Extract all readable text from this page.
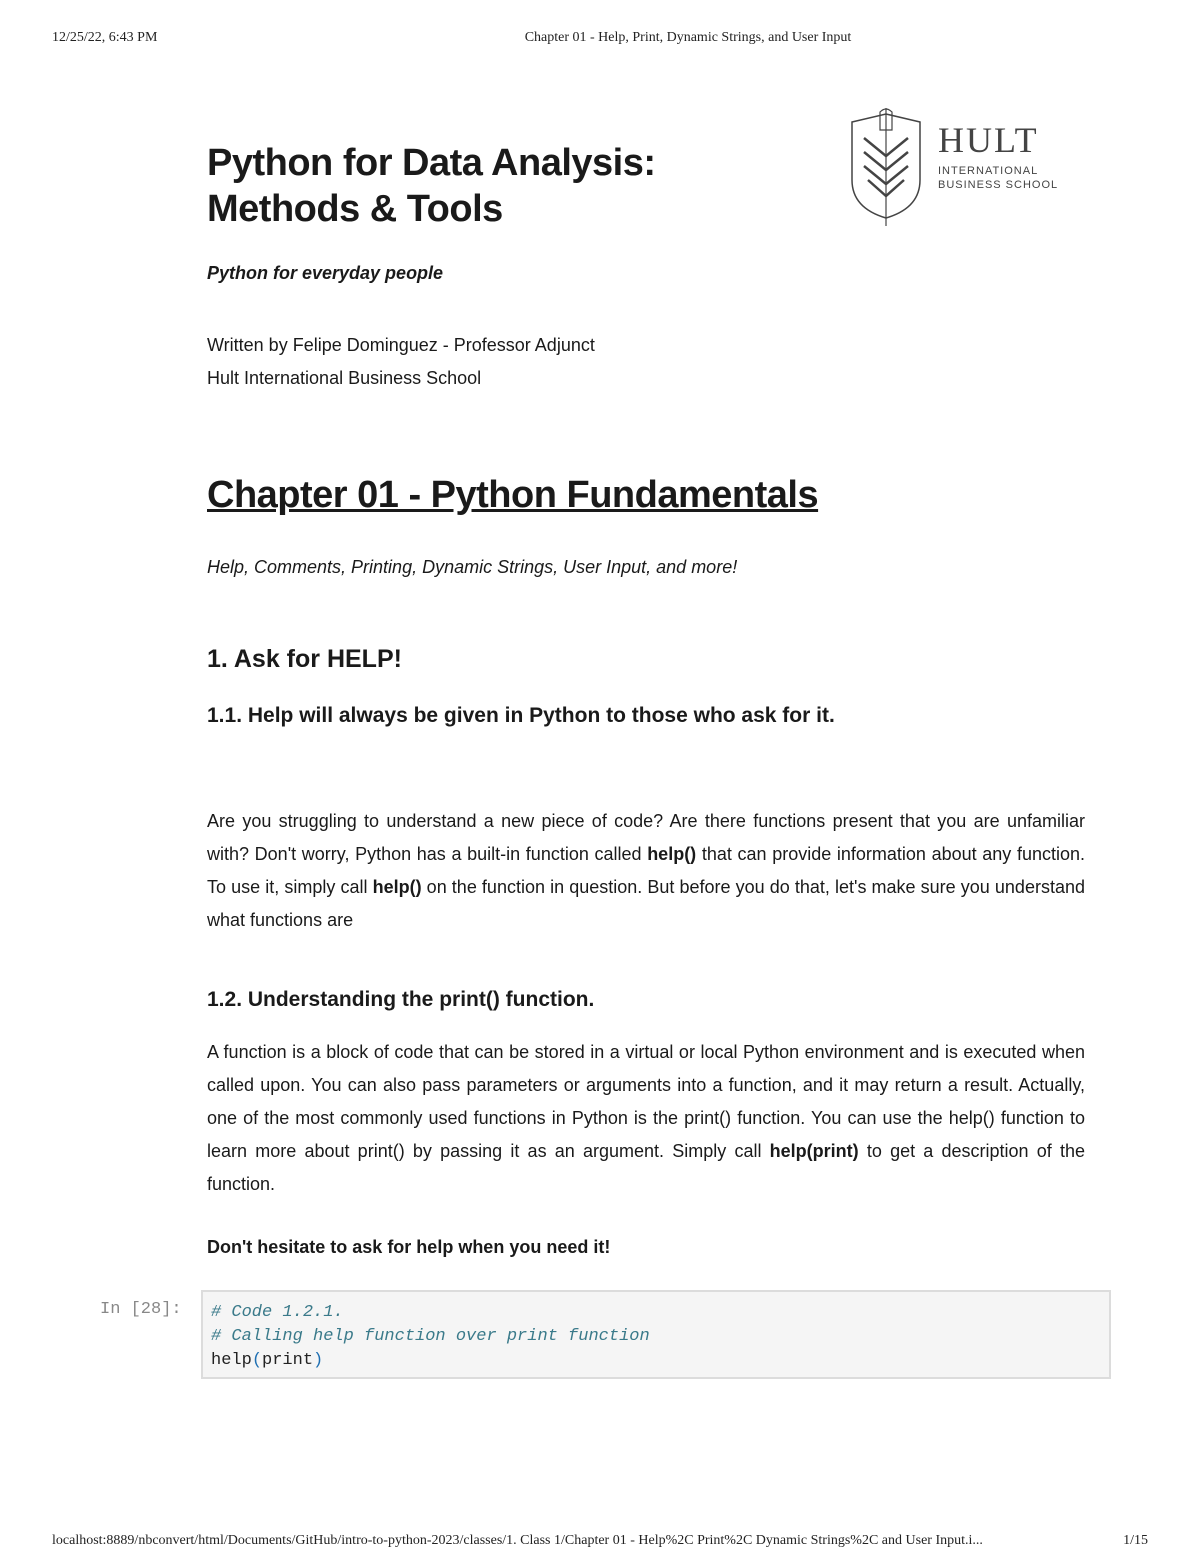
12/25/22, 6:43 PM	Chapter 01 - Help, Print, Dynamic Strings, and User Input
HULT
INTERNATIONAL
BUSINESS SCHOOL
Python for Data Analysis:
Methods & Tools
Python for everyday people
Written by Felipe Dominguez - Professor Adjunct
Hult International Business School
Chapter 01 - Python Fundamentals
Help, Comments, Printing, Dynamic Strings, User Input, and more!
1. Ask for HELP!
1.1. Help will always be given in Python to those who ask for it.

Are you struggling to understand a new piece of code? Are there functions present that you are unfamiliar with? Don't worry, Python has a built-in function called help() that can provide information about any function. To use it, simply call help() on the function in question. But before you do that, let's make sure you understand what functions are

1.2. Understanding the print() function.

A function is a block of code that can be stored in a virtual or local Python environment and is executed when called upon. You can also pass parameters or arguments into a function, and it may return a result. Actually, one of the most commonly used functions in Python is the print() function. You can use the help() function to learn more about print() by passing it as an argument. Simply call help(print) to get a description of the function.

Don't hesitate to ask for help when you need it!

In [28]:	# Code 1.2.1.
# Calling help function over print function
help(print)
localhost:8889/nbconvert/html/Documents/GitHub/intro-to-python-2023/classes/1. Class 1/Chapter 01 - Help%2C Print%2C Dynamic Strings%2C and User Input.i...	1/15
